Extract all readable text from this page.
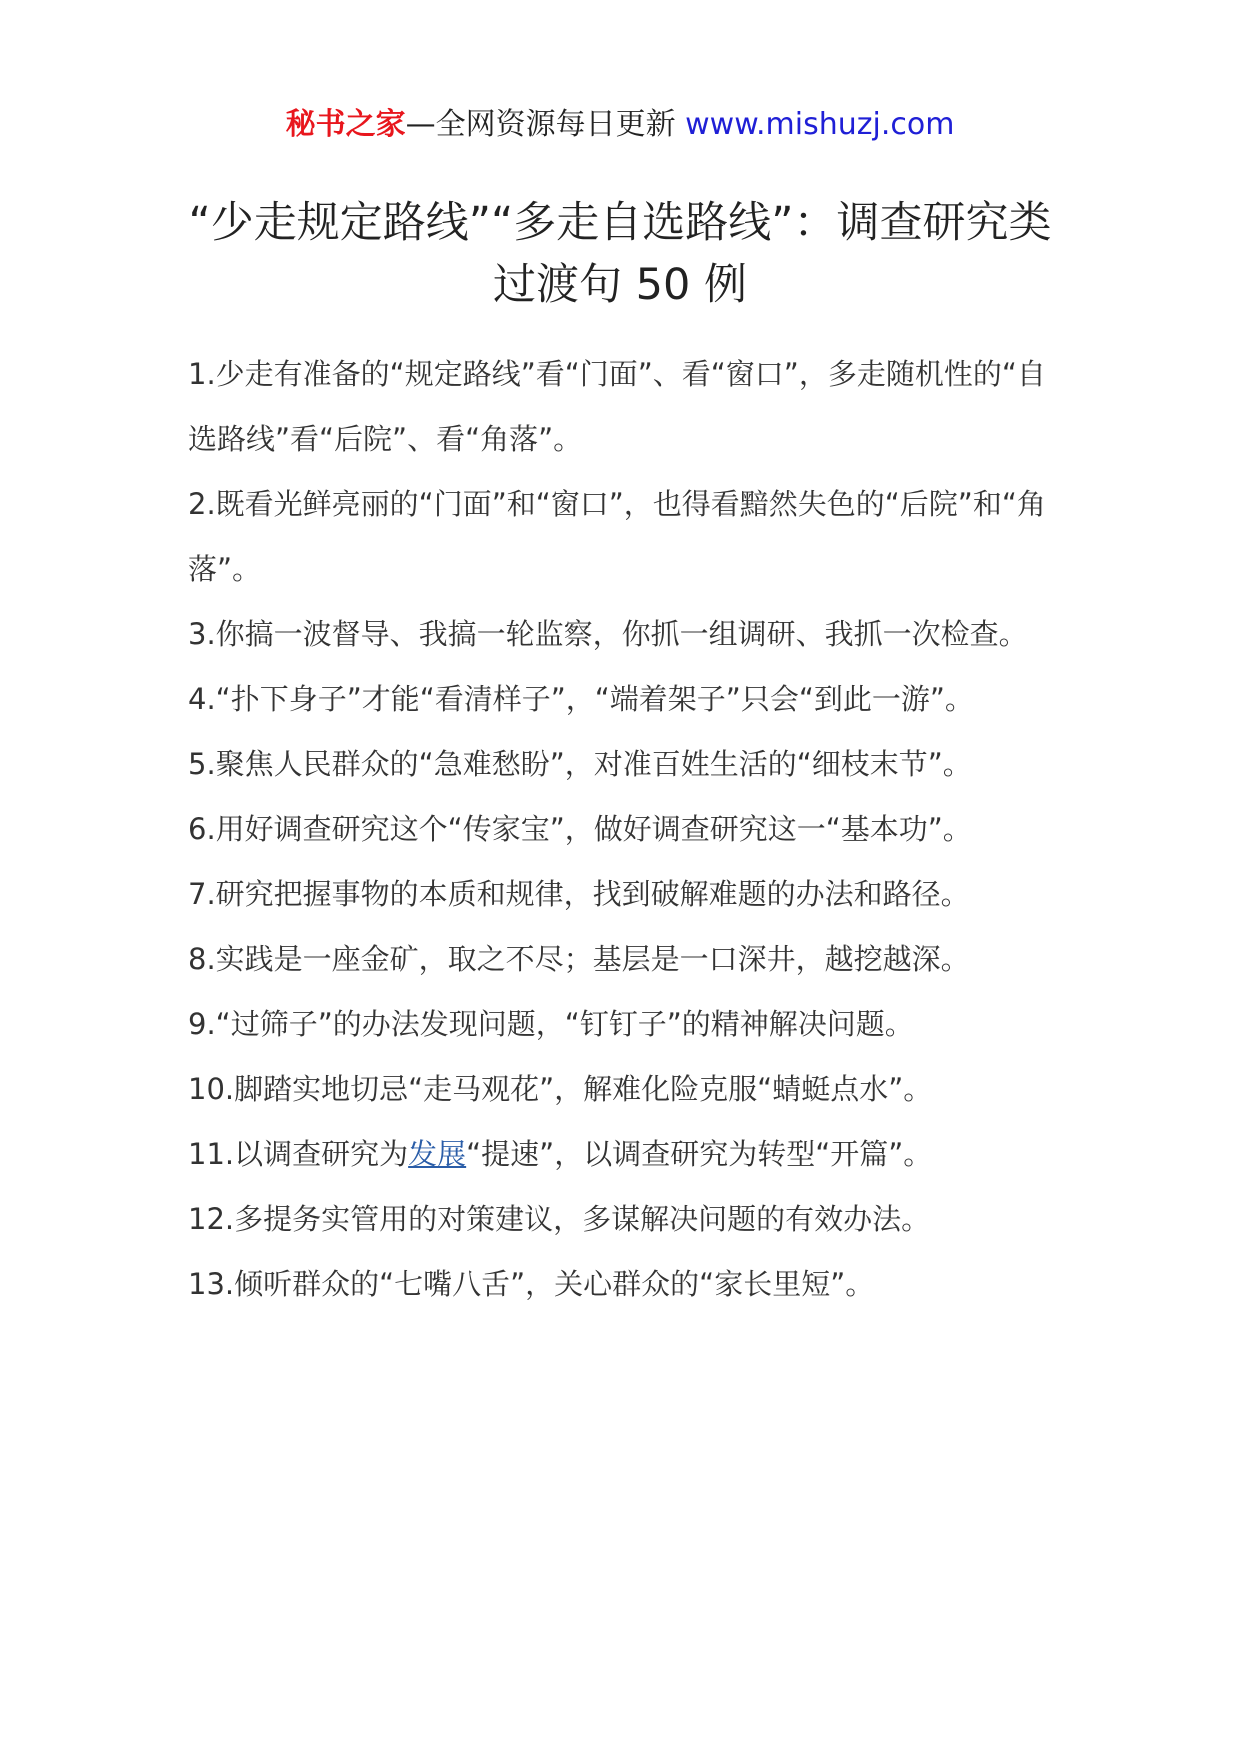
秘书之家—全网资源每日更新 www.mishuzj.com
“少走规定路线”“多走自选路线”：调查研究类过渡句 50 例
1.少走有准备的“规定路线”看“门面”、看“窗口”，多走随机性的“自选路线”看“后院”、看“角落”。
2.既看光鲜亮丽的“门面”和“窗口”，也得看黯然失色的“后院”和“角落”。
3.你搞一波督导、我搞一轮监察，你抓一组调研、我抓一次检查。
4.“扑下身子”才能“看清样子”，“端着架子”只会“到此一游”。
5.聚焦人民群众的“急难愁盼”，对准百姓生活的“细枝末节”。
6.用好调查研究这个“传家宝”，做好调查研究这一“基本功”。
7.研究把握事物的本质和规律，找到破解难题的办法和路径。
8.实践是一座金矿，取之不尽；基层是一口深井，越挖越深。
9.“过筛子”的办法发现问题，“钉钉子”的精神解决问题。
10.脚踏实地切忌“走马观花”，解难化险克服“蜻蜓点水”。
11.以调查研究为发展“提速”，以调查研究为转型“开篇”。
12.多提务实管用的对策建议，多谋解决问题的有效办法。
13.倾听群众的“七嘴八舌”，关心群众的“家长里短”。
